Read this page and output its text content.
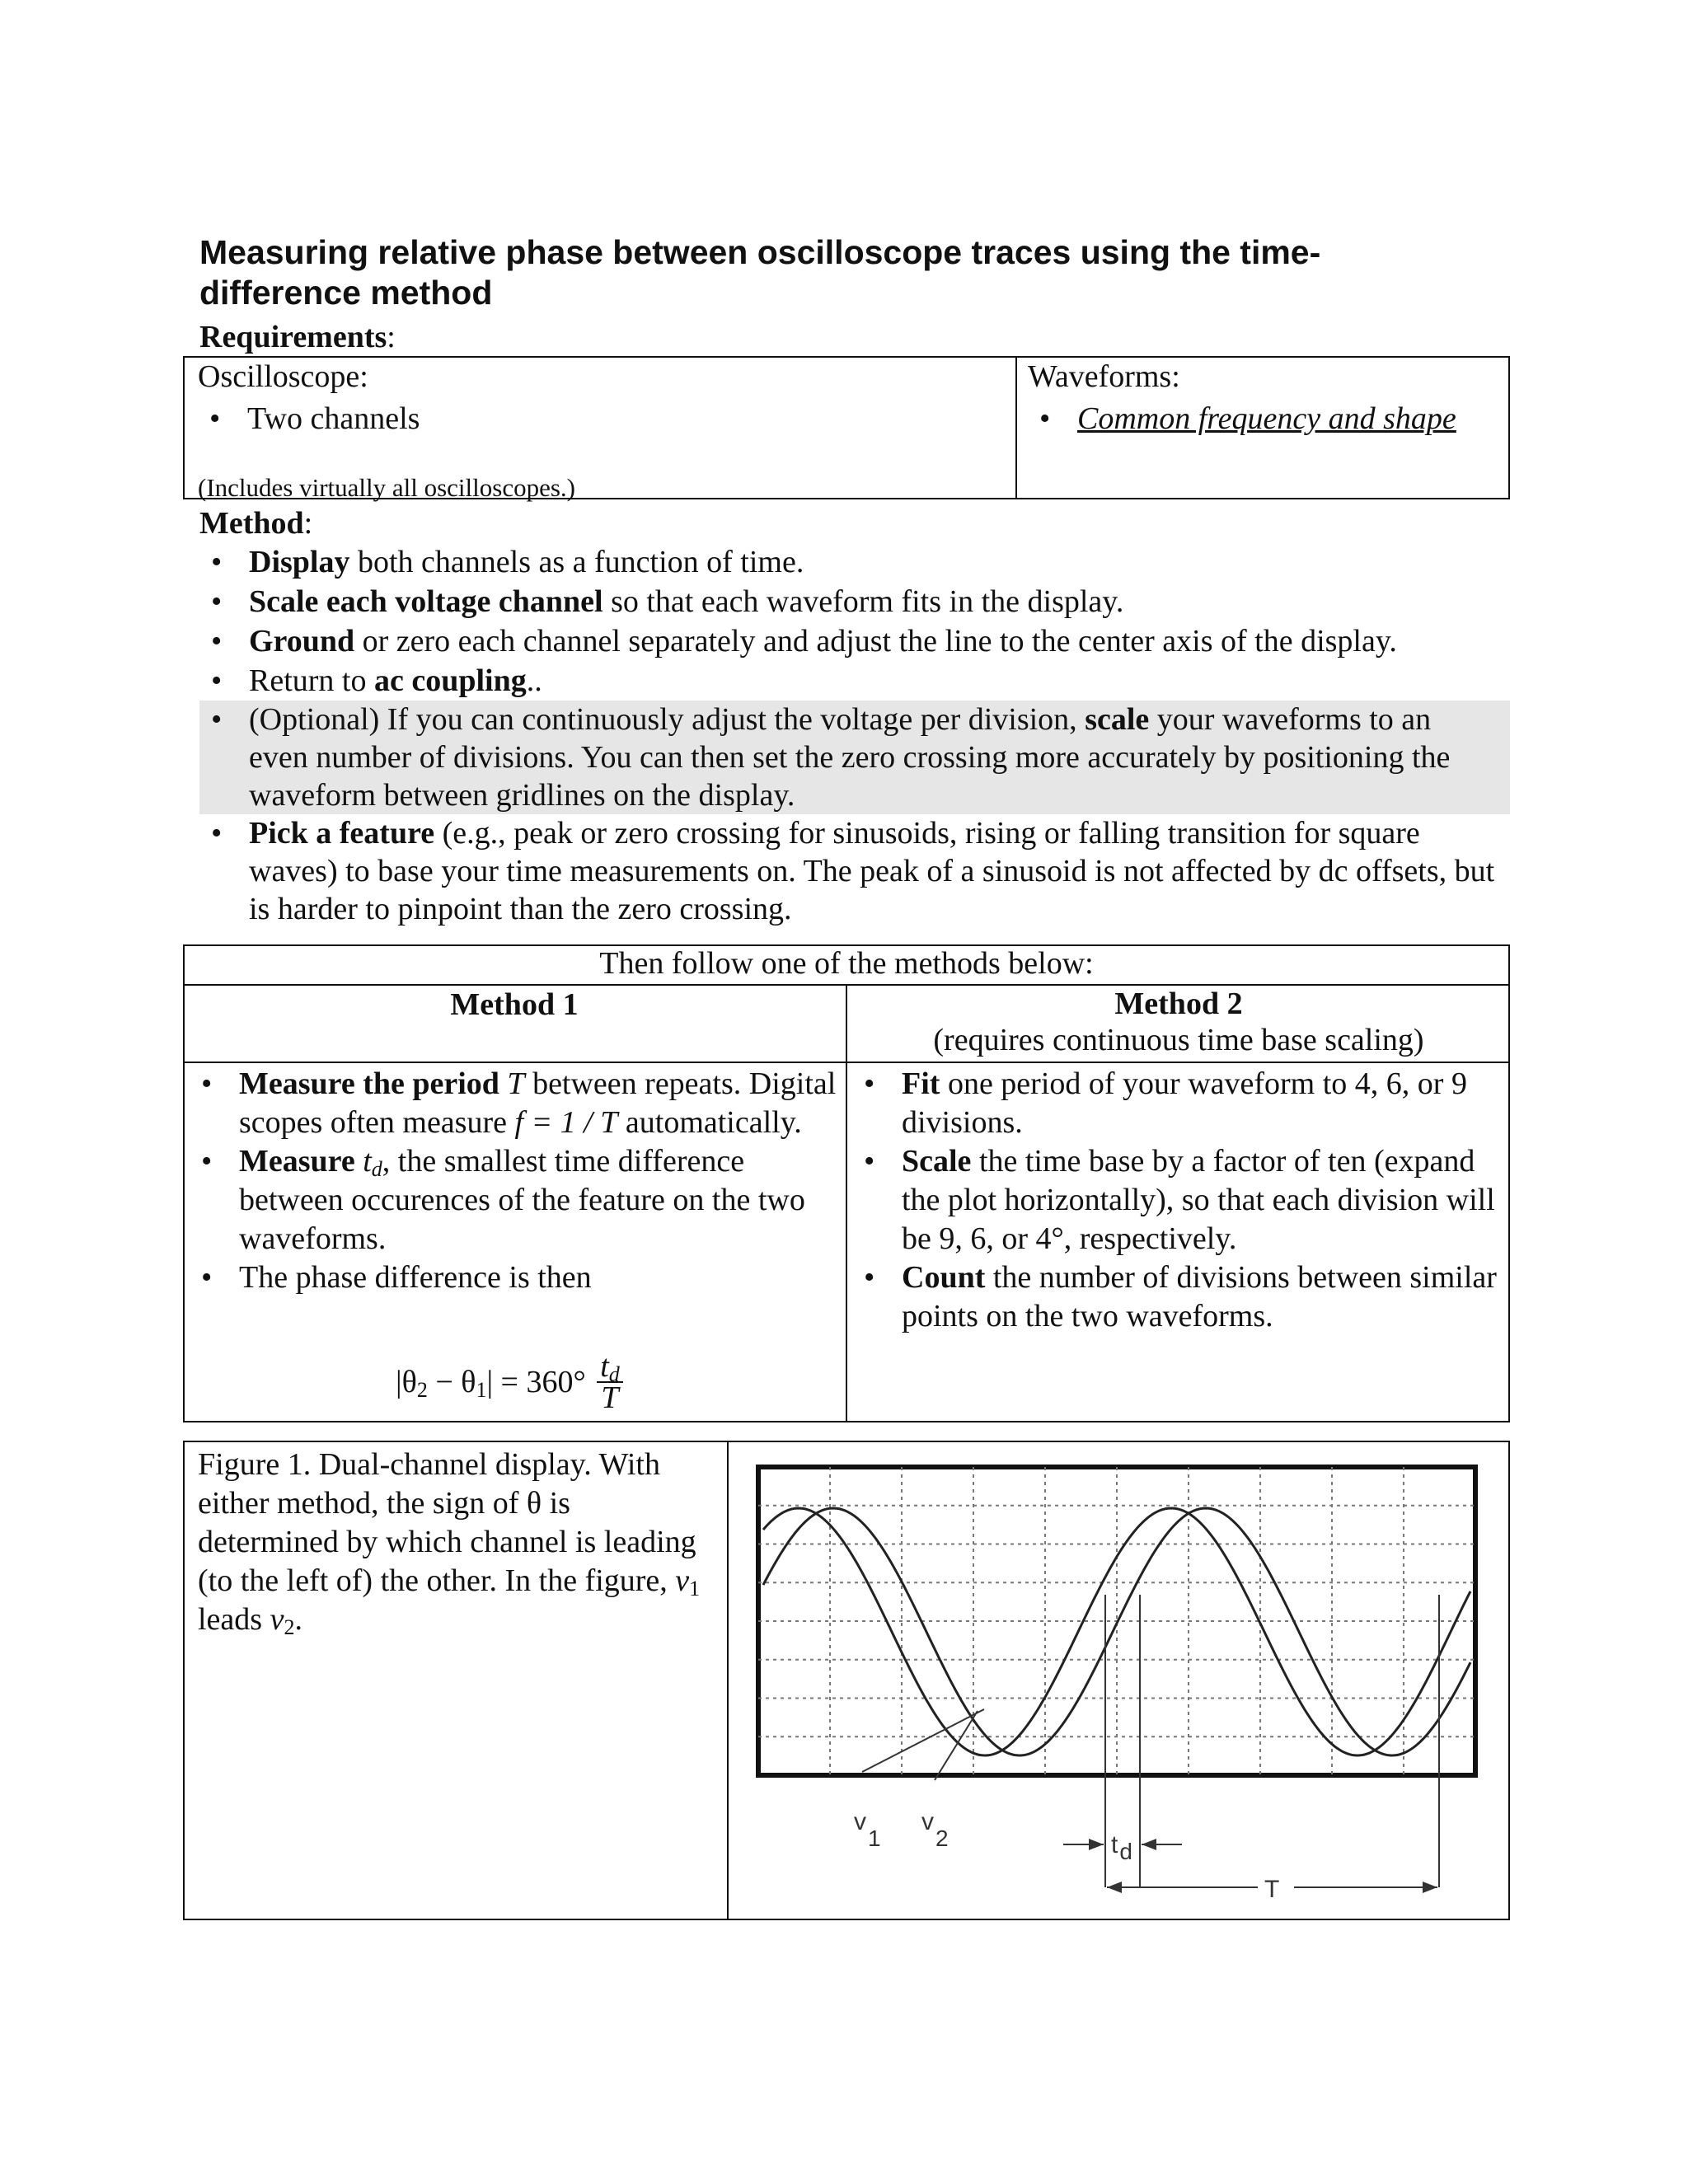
Measuring relative phase between oscilloscope traces using the time-
difference method
Requirements:
Oscilloscope:
• Two channels
(Includes virtually all oscilloscopes.)
Waveforms:
• Common frequency and shape
Method:
• Display both channels as a function of time.
• Scale each voltage channel so that each waveform fits in the display.
• Ground or zero each channel separately and adjust the line to the center axis of the display.
• Return to ac coupling..
• (Optional) If you can continuously adjust the voltage per division, scale your waveforms to an even number of divisions. You can then set the zero crossing more accurately by positioning the waveform between gridlines on the display.
• Pick a feature (e.g., peak or zero crossing for sinusoids, rising or falling transition for square waves) to base your time measurements on. The peak of a sinusoid is not affected by dc offsets, but is harder to pinpoint than the zero crossing.
Then follow one of the methods below:
Method 1	Method 2
(requires continuous time base scaling)
• Measure the period T between repeats. Digital scopes often measure f = 1 / T automatically.
• Measure $t_d$, the smallest time difference between occurences of the feature on the two waveforms.
• The phase difference is then
$|\theta_2 - \theta_1| = 360^\circ \frac{t_d}{T}$
• Fit one period of your waveform to 4, 6, or 9 divisions.
• Scale the time base by a factor of ten (expand the plot horizontally), so that each division will be 9, 6, or 4°, respectively.
• Count the number of divisions between similar points on the two waveforms.
Figure 1. Dual-channel display. With either method, the sign of θ is determined by which channel is leading (to the left of) the other. In the figure, $v_1$ leads $v_2$.
v1
v2	td
T
